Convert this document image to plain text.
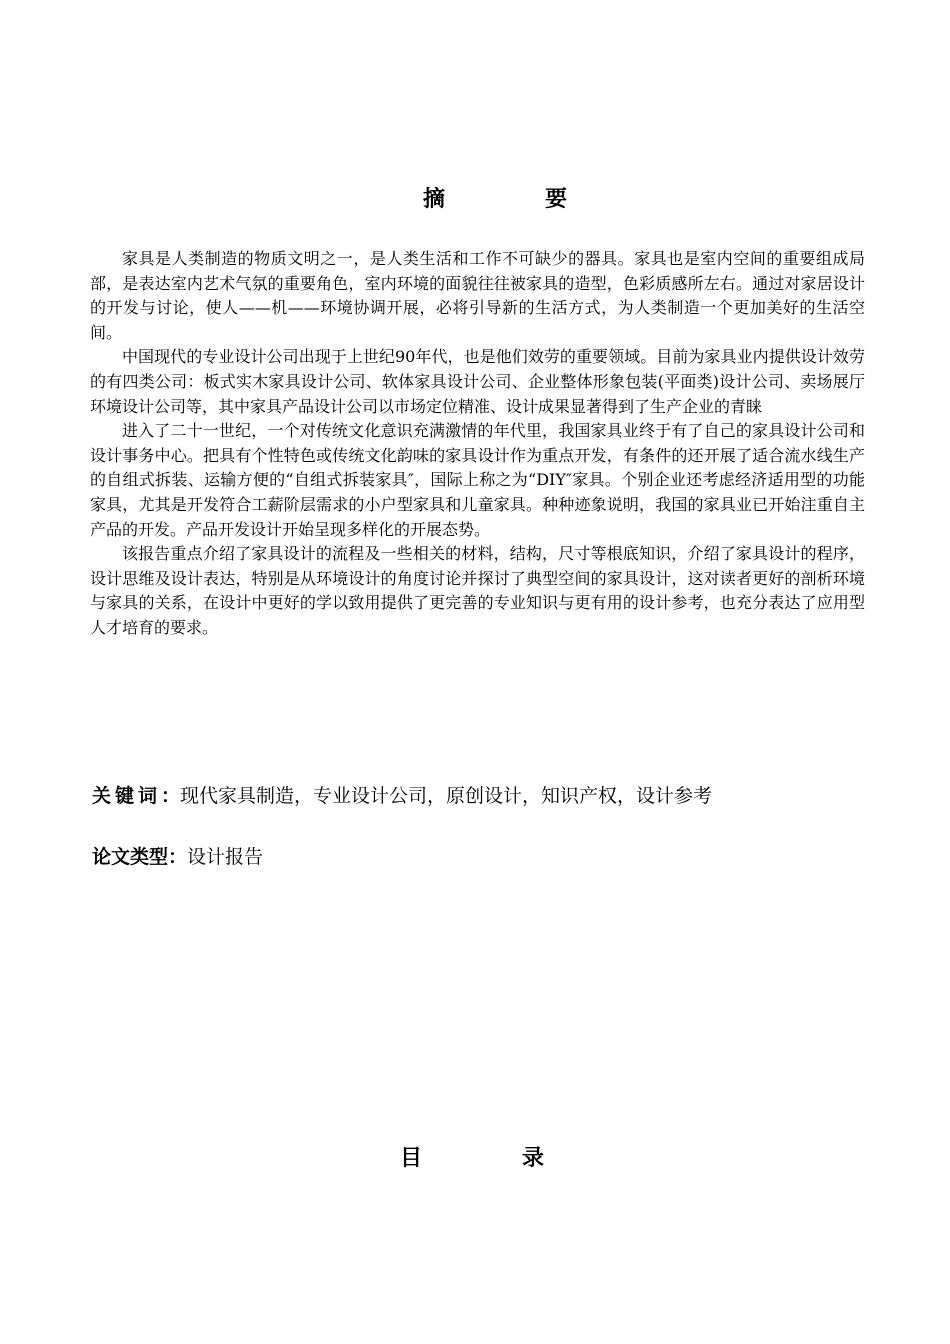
摘	要

家具是人类制造的物质文明之一，是人类生活和工作不可缺少的器具。家具也是室内空间的重要组成局部，是表达室内艺术气氛的重要角色，室内环境的面貌往往被家具的造型，色彩质感所左右。通过对家居设计的开发与讨论，使人——机——环境协调开展，必将引导新的生活方式，为人类制造一个更加美好的生活空间。

中国现代的专业设计公司出现于上世纪90年代，也是他们效劳的重要领域。目前为家具业内提供设计效劳的有四类公司：板式实木家具设计公司、软体家具设计公司、企业整体形象包装(平面类)设计公司、卖场展厅环境设计公司等，其中家具产品设计公司以市场定位精准、设计成果显著得到了生产企业的青睐

进入了二十一世纪，一个对传统文化意识充满激情的年代里，我国家具业终于有了自己的家具设计公司和设计事务中心。把具有个性特色或传统文化韵味的家具设计作为重点开发，有条件的还开展了适合流水线生产的自组式拆装、运输方便的“自组式拆装家具″，国际上称之为“DIY″家具。个别企业还考虑经济适用型的功能家具，尤其是开发符合工薪阶层需求的小户型家具和儿童家具。种种迹象说明，我国的家具业已开始注重自主产品的开发。产品开发设计开始呈现多样化的开展态势。

该报告重点介绍了家具设计的流程及一些相关的材料，结构，尺寸等根底知识，介绍了家具设计的程序，设计思维及设计表达，特别是从环境设计的角度讨论并探讨了典型空间的家具设计，这对读者更好的剖析环境与家具的关系，在设计中更好的学以致用提供了更完善的专业知识与更有用的设计参考，也充分表达了应用型人才培育的要求。

关键词：现代家具制造，专业设计公司，原创设计，知识产权，设计参考
论文类型：设计报告
目	录
